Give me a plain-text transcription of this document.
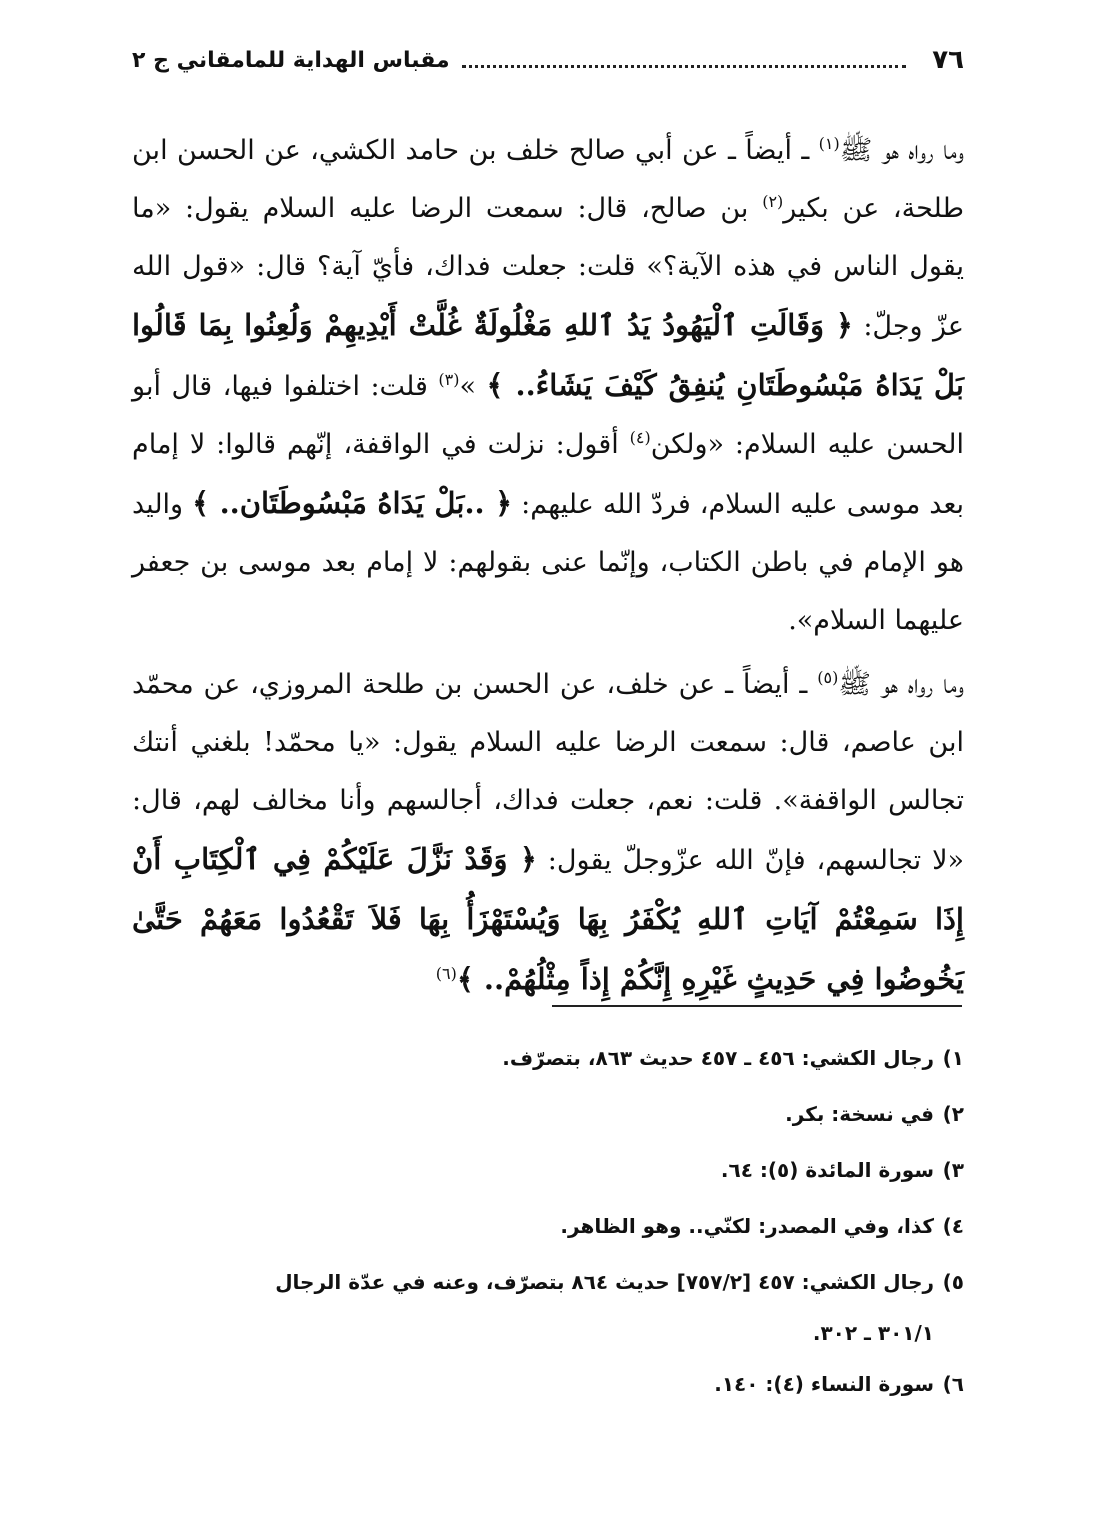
٧٦
مقباس الهداية للمامقاني ج ٢

وما رواه هو ﷺ$^{(١)}$ ـ أيضاً ـ عن أبي صالح خلف بن حامد الكشي، عن الحسن ابن طلحة، عن بكير$^{(٢)}$ بن صالح، قال: سمعت الرضا عليه السلام يقول: «ما يقول الناس في هذه الآية؟» قلت: جعلت فداك، فأيّ آية؟ قال: «قول الله عزّ وجلّ: ﴿ وَقَالَتِ ٱلْيَهُودُ يَدُ ٱللهِ مَغْلُولَةٌ غُلَّتْ أَيْدِيهِمْ وَلُعِنُوا بِمَا قَالُوا بَلْ يَدَاهُ مَبْسُوطَتَانِ يُنفِقُ كَيْفَ يَشَاءُ.. ﴾ »$^{(٣)}$ قلت: اختلفوا فيها، قال أبو الحسن عليه السلام: «ولكن$^{(٤)}$ أقول: نزلت في الواقفة، إنّهم قالوا: لا إمام بعد موسى عليه السلام، فردّ الله عليهم: ﴿ ..بَلْ يَدَاهُ مَبْسُوطَتَان.. ﴾ واليد هو الإمام في باطن الكتاب، وإنّما عنى بقولهم: لا إمام بعد موسى بن جعفر عليهما السلام».

وما رواه هو ﷺ$^{(٥)}$ ـ أيضاً ـ عن خلف، عن الحسن بن طلحة المروزي، عن محمّد ابن عاصم، قال: سمعت الرضا عليه السلام يقول: «يا محمّد! بلغني أنتك تجالس الواقفة». قلت: نعم، جعلت فداك، أجالسهم وأنا مخالف لهم، قال: «لا تجالسهم، فإنّ الله عزّوجلّ يقول: ﴿ وَقَدْ نَزَّلَ عَلَيْكُمْ فِي ٱلْكِتَابِ أَنْ إِذَا سَمِعْتُمْ آيَاتِ ٱللهِ يُكْفَرُ بِهَا وَيُسْتَهْزَأُ بِهَا فَلاَ تَقْعُدُوا مَعَهُمْ حَتَّىٰ يَخُوضُوا فِي حَدِيثٍ غَيْرِهِ إِنَّكُمْ إِذاً مِثْلُهُمْ.. ﴾$^{(٦)}$

١)
رجال الكشي: ٤٥٦ ـ ٤٥٧ حديث ٨٦٣، بتصرّف.
٢)
في نسخة: بكر.
٣)
سورة المائدة (٥): ٦٤.
٤)
كذا، وفي المصدر: لكنّي.. وهو الظاهر.
٥)
رجال الكشي: ٤٥٧ [٧٥٧/٢] حديث ٨٦٤ بتصرّف، وعنه في عدّة الرجال
٣٠١/١ ـ ٣٠٢.
٦)
سورة النساء (٤): ١٤٠.
